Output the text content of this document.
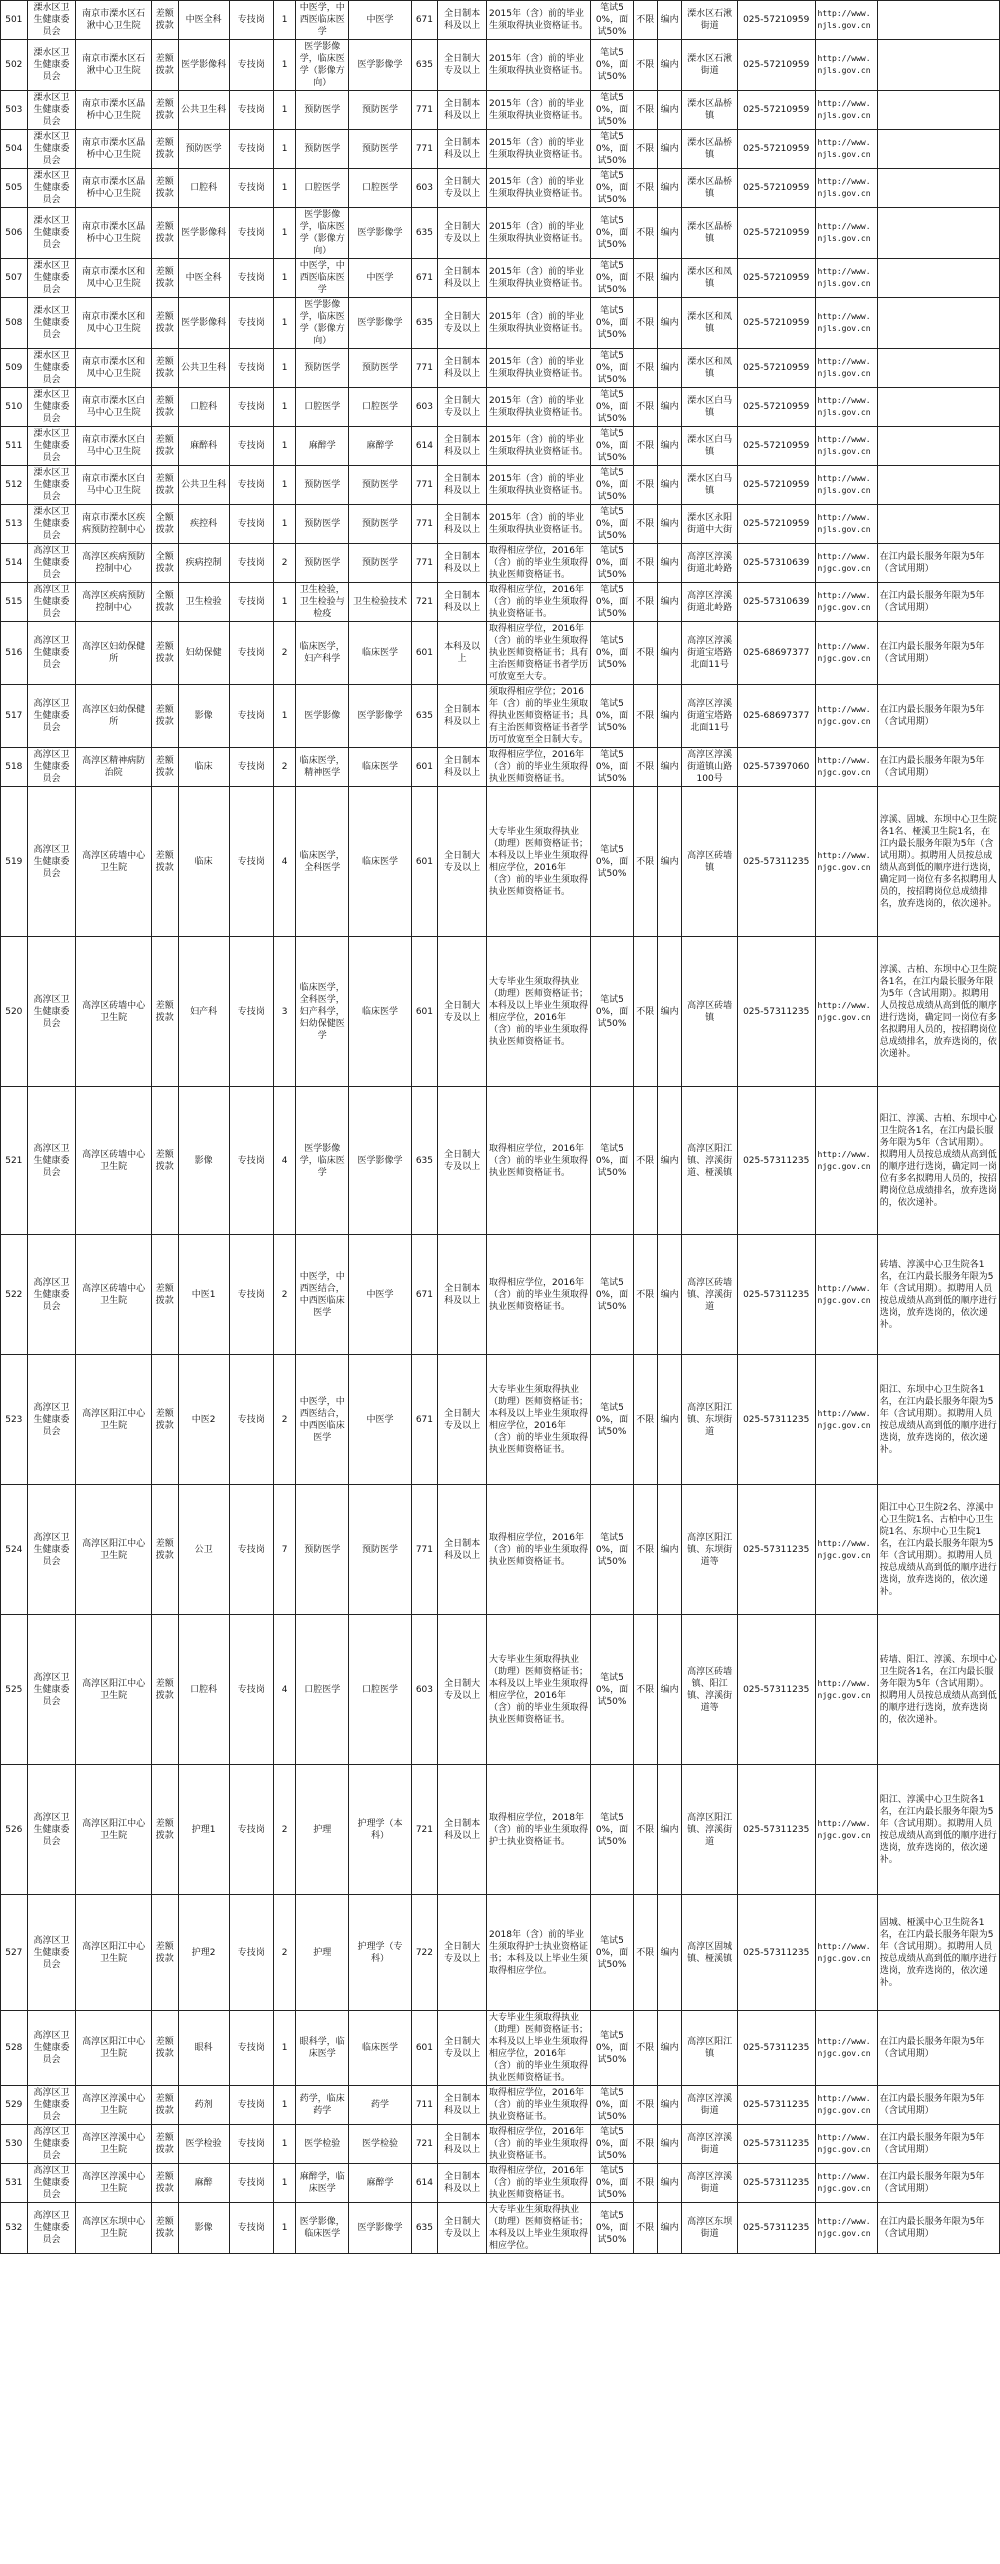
501	溧水区卫生健康委员会	南京市溧水区石湫中心卫生院	差额拨款	中医全科	专技岗	1	中医学，中西医临床医学	中医学	671	全日制本科及以上	2015年（含）前的毕业生须取得执业资格证书。	笔试50%，面试50%	不限	编内	溧水区石湫街道	025-57210959	http://www. njls.gov.cn	
502	溧水区卫生健康委员会	南京市溧水区石湫中心卫生院	差额拨款	医学影像科	专技岗	1	医学影像学，临床医学（影像方向）	医学影像学	635	全日制大专及以上	2015年（含）前的毕业生须取得执业资格证书。	笔试50%，面试50%	不限	编内	溧水区石湫街道	025-57210959	http://www. njls.gov.cn	
503	溧水区卫生健康委员会	南京市溧水区晶桥中心卫生院	差额拨款	公共卫生科	专技岗	1	预防医学	预防医学	771	全日制本科及以上	2015年（含）前的毕业生须取得执业资格证书。	笔试50%，面试50%	不限	编内	溧水区晶桥镇	025-57210959	http://www. njls.gov.cn	
504	溧水区卫生健康委员会	南京市溧水区晶桥中心卫生院	差额拨款	预防医学	专技岗	1	预防医学	预防医学	771	全日制本科及以上	2015年（含）前的毕业生须取得执业资格证书。	笔试50%，面试50%	不限	编内	溧水区晶桥镇	025-57210959	http://www. njls.gov.cn	
505	溧水区卫生健康委员会	南京市溧水区晶桥中心卫生院	差额拨款	口腔科	专技岗	1	口腔医学	口腔医学	603	全日制大专及以上	2015年（含）前的毕业生须取得执业资格证书。	笔试50%，面试50%	不限	编内	溧水区晶桥镇	025-57210959	http://www. njls.gov.cn	
506	溧水区卫生健康委员会	南京市溧水区晶桥中心卫生院	差额拨款	医学影像科	专技岗	1	医学影像学，临床医学（影像方向）	医学影像学	635	全日制大专及以上	2015年（含）前的毕业生须取得执业资格证书。	笔试50%，面试50%	不限	编内	溧水区晶桥镇	025-57210959	http://www. njls.gov.cn	
507	溧水区卫生健康委员会	南京市溧水区和凤中心卫生院	差额拨款	中医全科	专技岗	1	中医学，中西医临床医学	中医学	671	全日制本科及以上	2015年（含）前的毕业生须取得执业资格证书。	笔试50%，面试50%	不限	编内	溧水区和凤镇	025-57210959	http://www. njls.gov.cn	
508	溧水区卫生健康委员会	南京市溧水区和凤中心卫生院	差额拨款	医学影像科	专技岗	1	医学影像学，临床医学（影像方向）	医学影像学	635	全日制大专及以上	2015年（含）前的毕业生须取得执业资格证书。	笔试50%，面试50%	不限	编内	溧水区和凤镇	025-57210959	http://www. njls.gov.cn	
509	溧水区卫生健康委员会	南京市溧水区和凤中心卫生院	差额拨款	公共卫生科	专技岗	1	预防医学	预防医学	771	全日制本科及以上	2015年（含）前的毕业生须取得执业资格证书。	笔试50%，面试50%	不限	编内	溧水区和凤镇	025-57210959	http://www. njls.gov.cn	
510	溧水区卫生健康委员会	南京市溧水区白马中心卫生院	差额拨款	口腔科	专技岗	1	口腔医学	口腔医学	603	全日制大专及以上	2015年（含）前的毕业生须取得执业资格证书。	笔试50%，面试50%	不限	编内	溧水区白马镇	025-57210959	http://www. njls.gov.cn	
511	溧水区卫生健康委员会	南京市溧水区白马中心卫生院	差额拨款	麻醉科	专技岗	1	麻醉学	麻醉学	614	全日制本科及以上	2015年（含）前的毕业生须取得执业资格证书。	笔试50%，面试50%	不限	编内	溧水区白马镇	025-57210959	http://www. njls.gov.cn	
512	溧水区卫生健康委员会	南京市溧水区白马中心卫生院	差额拨款	公共卫生科	专技岗	1	预防医学	预防医学	771	全日制本科及以上	2015年（含）前的毕业生须取得执业资格证书。	笔试50%，面试50%	不限	编内	溧水区白马镇	025-57210959	http://www. njls.gov.cn	
513	溧水区卫生健康委员会	南京市溧水区疾病预防控制中心	全额拨款	疾控科	专技岗	1	预防医学	预防医学	771	全日制本科及以上	2015年（含）前的毕业生须取得执业资格证书。	笔试50%，面试50%	不限	编内	溧水区永阳街道中大街	025-57210959	http://www. njls.gov.cn	
514	高淳区卫生健康委员会	高淳区疾病预防控制中心	全额拨款	疾病控制	专技岗	2	预防医学	预防医学	771	全日制本科及以上	取得相应学位，2016年（含）前的毕业生须取得执业医师资格证书。	笔试50%，面试50%	不限	编内	高淳区淳溪街道北岭路	025-57310639	http://www. njgc.gov.cn	在江内最长服务年限为5年（含试用期）
515	高淳区卫生健康委员会	高淳区疾病预防控制中心	全额拨款	卫生检验	专技岗	1	卫生检验，卫生检验与检疫	卫生检验技术	721	全日制本科及以上	取得相应学位，2016年（含）前的毕业生须取得执业资格证书。	笔试50%，面试50%	不限	编内	高淳区淳溪街道北岭路	025-57310639	http://www. njgc.gov.cn	在江内最长服务年限为5年（含试用期）
516	高淳区卫生健康委员会	高淳区妇幼保健所	差额拨款	妇幼保健	专技岗	2	临床医学，妇产科学	临床医学	601	本科及以上	取得相应学位，2016年（含）前的毕业生须取得执业医师资格证书；具有主治医师资格证书者学历可放宽至大专。	笔试50%，面试50%	不限	编内	高淳区淳溪街道宝塔路北面11号	025-68697377	http://www. njgc.gov.cn	在江内最长服务年限为5年（含试用期）
517	高淳区卫生健康委员会	高淳区妇幼保健所	差额拨款	影像	专技岗	1	医学影像	医学影像学	635	全日制本科及以上	须取得相应学位；2016年（含）前的毕业生须取得执业医师资格证书；具有主治医师资格证书者学历可放宽至全日制大专。	笔试50%，面试50%	不限	编内	高淳区淳溪街道宝塔路北面11号	025-68697377	http://www. njgc.gov.cn	在江内最长服务年限为5年（含试用期）
518	高淳区卫生健康委员会	高淳区精神病防治院	差额拨款	临床	专技岗	2	临床医学，精神医学	临床医学	601	全日制本科及以上	取得相应学位，2016年（含）前的毕业生须取得执业医师资格证书。	笔试50%，面试50%	不限	编内	高淳区淳溪街道镇山路100号	025-57397060	http://www. njgc.gov.cn	在江内最长服务年限为5年（含试用期）
519	高淳区卫生健康委员会	高淳区砖墙中心卫生院	差额拨款	临床	专技岗	4	临床医学，全科医学	临床医学	601	全日制大专及以上	大专毕业生须取得执业（助理）医师资格证书；本科及以上毕业生须取得相应学位，2016年（含）前的毕业生须取得执业医师资格证书。	笔试50%，面试50%	不限	编内	高淳区砖墙镇	025-57311235	http://www. njgc.gov.cn	淳溪、固城、东坝中心卫生院各1名、桠溪卫生院1名，在江内最长服务年限为5年（含试用期）。拟聘用人员按总成绩从高到低的顺序进行选岗，确定同一岗位有多名拟聘用人员的，按招聘岗位总成绩排名，放弃选岗的，依次递补。
520	高淳区卫生健康委员会	高淳区砖墙中心卫生院	差额拨款	妇产科	专技岗	3	临床医学，全科医学，妇产科学，妇幼保健医学	临床医学	601	全日制大专及以上	大专毕业生须取得执业（助理）医师资格证书；本科及以上毕业生须取得相应学位，2016年（含）前的毕业生须取得执业医师资格证书。	笔试50%，面试50%	不限	编内	高淳区砖墙镇	025-57311235	http://www. njgc.gov.cn	淳溪、古柏、东坝中心卫生院各1名，在江内最长服务年限为5年（含试用期）。拟聘用人员按总成绩从高到低的顺序进行选岗，确定同一岗位有多名拟聘用人员的，按招聘岗位总成绩排名，放弃选岗的，依次递补。
521	高淳区卫生健康委员会	高淳区砖墙中心卫生院	差额拨款	影像	专技岗	4	医学影像学，临床医学	医学影像学	635	全日制大专及以上	取得相应学位，2016年（含）前的毕业生须取得执业医师资格证书。	笔试50%，面试50%	不限	编内	高淳区阳江镇、淳溪街道、桠溪镇	025-57311235	http://www. njgc.gov.cn	阳江、淳溪、古柏、东坝中心卫生院各1名，在江内最长服务年限为5年（含试用期）。拟聘用人员按总成绩从高到低的顺序进行选岗，确定同一岗位有多名拟聘用人员的，按招聘岗位总成绩排名，放弃选岗的，依次递补。
522	高淳区卫生健康委员会	高淳区砖墙中心卫生院	差额拨款	中医1	专技岗	2	中医学，中西医结合，中西医临床医学	中医学	671	全日制本科及以上	取得相应学位，2016年（含）前的毕业生须取得执业医师资格证书。	笔试50%，面试50%	不限	编内	高淳区砖墙镇、淳溪街道	025-57311235	http://www. njgc.gov.cn	砖墙、淳溪中心卫生院各1名，在江内最长服务年限为5年（含试用期）。拟聘用人员按总成绩从高到低的顺序进行选岗，放弃选岗的，依次递补。
523	高淳区卫生健康委员会	高淳区阳江中心卫生院	差额拨款	中医2	专技岗	2	中医学，中西医结合，中西医临床医学	中医学	671	全日制大专及以上	大专毕业生须取得执业（助理）医师资格证书；本科及以上毕业生须取得相应学位，2016年（含）前的毕业生须取得执业医师资格证书。	笔试50%，面试50%	不限	编内	高淳区阳江镇、东坝街道	025-57311235	http://www. njgc.gov.cn	阳江、东坝中心卫生院各1名，在江内最长服务年限为5年（含试用期）。拟聘用人员按总成绩从高到低的顺序进行选岗，放弃选岗的，依次递补。
524	高淳区卫生健康委员会	高淳区阳江中心卫生院	差额拨款	公卫	专技岗	7	预防医学	预防医学	771	全日制本科及以上	取得相应学位，2016年（含）前的毕业生须取得执业医师资格证书。	笔试50%，面试50%	不限	编内	高淳区阳江镇、东坝街道等	025-57311235	http://www. njgc.gov.cn	阳江中心卫生院2名、淳溪中心卫生院1名、古柏中心卫生院1名、东坝中心卫生院1名，在江内最长服务年限为5年（含试用期）。拟聘用人员按总成绩从高到低的顺序进行选岗，放弃选岗的，依次递补。
525	高淳区卫生健康委员会	高淳区阳江中心卫生院	差额拨款	口腔科	专技岗	4	口腔医学	口腔医学	603	全日制大专及以上	大专毕业生须取得执业（助理）医师资格证书；本科及以上毕业生须取得相应学位，2016年（含）前的毕业生须取得执业医师资格证书。	笔试50%，面试50%	不限	编内	高淳区砖墙镇、阳江镇、淳溪街道等	025-57311235	http://www. njgc.gov.cn	砖墙、阳江、淳溪、东坝中心卫生院各1名，在江内最长服务年限为5年（含试用期）。拟聘用人员按总成绩从高到低的顺序进行选岗，放弃选岗的，依次递补。
526	高淳区卫生健康委员会	高淳区阳江中心卫生院	差额拨款	护理1	专技岗	2	护理	护理学（本科）	721	全日制本科及以上	取得相应学位，2018年（含）前的毕业生须取得护士执业资格证书。	笔试50%，面试50%	不限	编内	高淳区阳江镇、淳溪街道	025-57311235	http://www. njgc.gov.cn	阳江、淳溪中心卫生院各1名，在江内最长服务年限为5年（含试用期）。拟聘用人员按总成绩从高到低的顺序进行选岗，放弃选岗的，依次递补。
527	高淳区卫生健康委员会	高淳区阳江中心卫生院	差额拨款	护理2	专技岗	2	护理	护理学（专科）	722	全日制大专及以上	2018年（含）前的毕业生须取得护士执业资格证书；本科及以上毕业生须取得相应学位。	笔试50%，面试50%	不限	编内	高淳区固城镇、桠溪镇	025-57311235	http://www. njgc.gov.cn	固城、桠溪中心卫生院各1名，在江内最长服务年限为5年（含试用期）。拟聘用人员按总成绩从高到低的顺序进行选岗，放弃选岗的，依次递补。
528	高淳区卫生健康委员会	高淳区阳江中心卫生院	差额拨款	眼科	专技岗	1	眼科学，临床医学	临床医学	601	全日制大专及以上	大专毕业生须取得执业（助理）医师资格证书；本科及以上毕业生须取得相应学位，2016年（含）前的毕业生须取得执业医师资格证书。	笔试50%，面试50%	不限	编内	高淳区阳江镇	025-57311235	http://www. njgc.gov.cn	在江内最长服务年限为5年（含试用期）
529	高淳区卫生健康委员会	高淳区淳溪中心卫生院	差额拨款	药剂	专技岗	1	药学，临床药学	药学	711	全日制本科及以上	取得相应学位，2016年（含）前的毕业生须取得执业资格证书。	笔试50%，面试50%	不限	编内	高淳区淳溪街道	025-57311235	http://www. njgc.gov.cn	在江内最长服务年限为5年（含试用期）
530	高淳区卫生健康委员会	高淳区淳溪中心卫生院	差额拨款	医学检验	专技岗	1	医学检验	医学检验	721	全日制本科及以上	取得相应学位，2016年（含）前的毕业生须取得执业资格证书。	笔试50%，面试50%	不限	编内	高淳区淳溪街道	025-57311235	http://www. njgc.gov.cn	在江内最长服务年限为5年（含试用期）
531	高淳区卫生健康委员会	高淳区淳溪中心卫生院	差额拨款	麻醉	专技岗	1	麻醉学，临床医学	麻醉学	614	全日制本科及以上	取得相应学位，2016年（含）前的毕业生须取得执业医师资格证书。	笔试50%，面试50%	不限	编内	高淳区淳溪街道	025-57311235	http://www. njgc.gov.cn	在江内最长服务年限为5年（含试用期）
532	高淳区卫生健康委员会	高淳区东坝中心卫生院	差额拨款	影像	专技岗	1	医学影像，临床医学	医学影像学	635	全日制大专及以上	大专毕业生须取得执业（助理）医师资格证书；本科及以上毕业生须取得相应学位。	笔试50%，面试50%	不限	编内	高淳区东坝街道	025-57311235	http://www. njgc.gov.cn	在江内最长服务年限为5年（含试用期）
